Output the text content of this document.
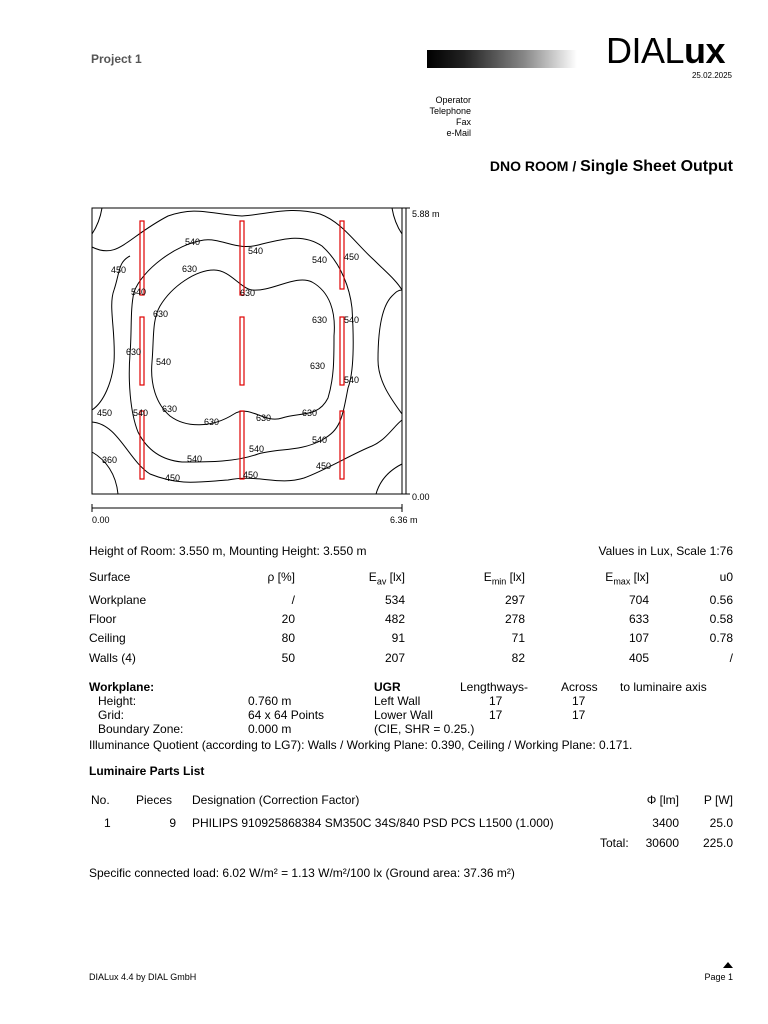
Project 1	DIALux
25.02.2025
Operator
Telephone
Fax
e-Mail
DNO ROOM / Single Sheet Output
540
540
450	630
540 450
540	630
630
540
630
630
540	630
540
450 540 630
630	630	630
540
360	540
450
450
540
450
5.88 m
0.00
0.00	6.36 m
Height of Room: 3.550 m, Mounting Height: 3.550 m	Values in Lux, Scale 1:76
Surface	ρ [%]	$E_{av}$ [lx]	$E_{min}$ [lx]	$E_{max}$ [lx]	u0
Workplane	/	534	297	704	0.56
Floor	20	482	278	633	0.58
Ceiling	80	91	71	107	0.78
Walls (4)	50	207	82	405	/
Workplane:
Height:	0.760 m
Grid:	64 x 64 Points
Boundary Zone:	0.000 m
UGR	Lengthways-	Across to luminaire axis
Left Wall	17	17
Lower Wall	17	17
(CIE, SHR = 0.25.)
Illuminance Quotient (according to LG7): Walls / Working Plane: 0.390, Ceiling / Working Plane: 0.171.
Luminaire Parts List
No. Pieces Designation (Correction Factor)	Φ [lm]	P [W]
1	9 PHILIPS 910925868384 SM350C 34S/840 PSD PCS L1500 (1.000)	3400	25.0
Total:	30600	225.0
Specific connected load: 6.02 W/m² = 1.13 W/m²/100 lx (Ground area: 37.36 m²)
DIALux 4.4 by DIAL GmbH	Page 1
